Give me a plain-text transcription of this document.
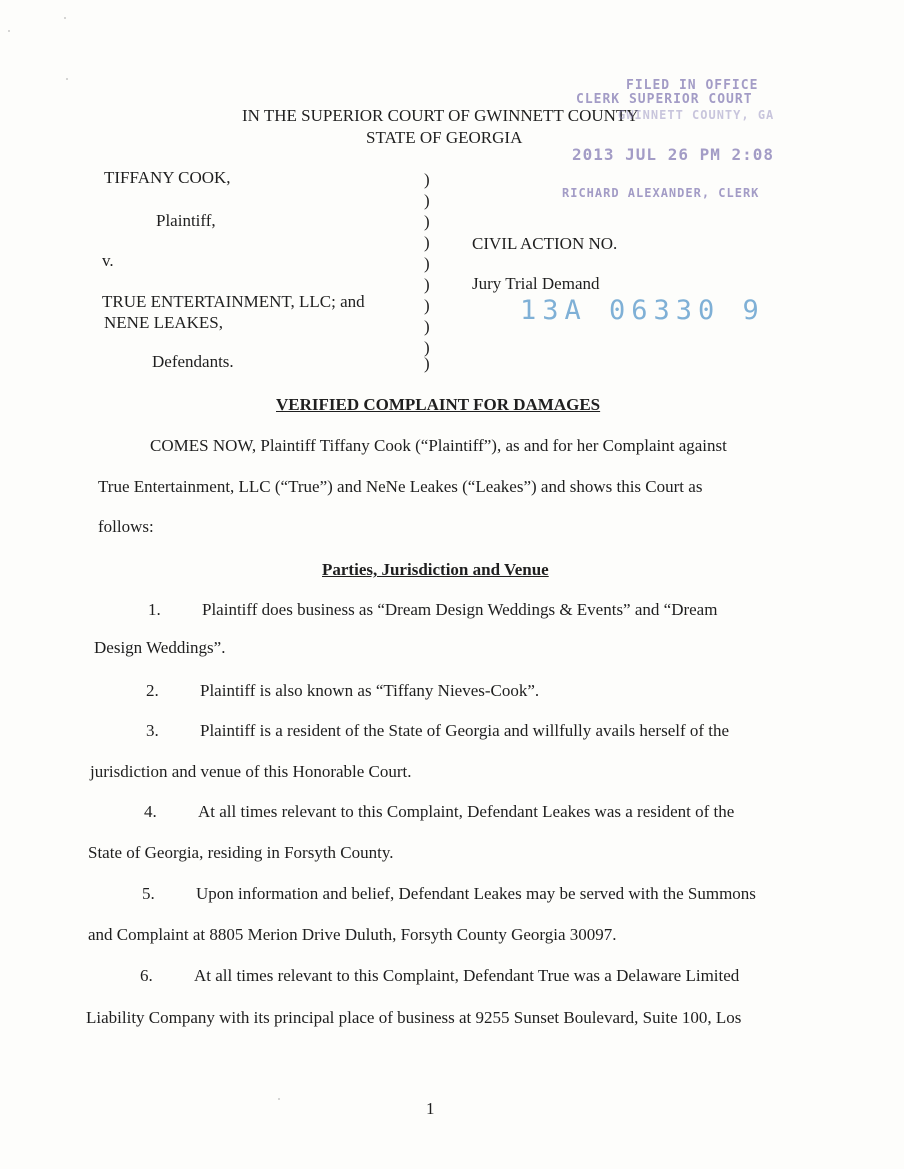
IN THE SUPERIOR COURT OF GWINNETT COUNTY
STATE OF GEORGIA
FILED IN OFFICE
CLERK SUPERIOR COURT
GWINNETT COUNTY, GA
2013 JUL 26 PM 2:08
RICHARD ALEXANDER, CLERK
TIFFANY COOK,
Plaintiff,
v.
TRUE ENTERTAINMENT, LLC; and
NENE LEAKES,
Defendants.
)
)
)
)
)
)
)
)
)
)
CIVIL ACTION NO.
Jury Trial Demand
13A 06330 9
VERIFIED COMPLAINT FOR DAMAGES
COMES NOW, Plaintiff Tiffany Cook (“Plaintiff”), as and for her Complaint against
True Entertainment, LLC (“True”) and NeNe Leakes (“Leakes”) and shows this Court as
follows:
Parties, Jurisdiction and Venue
1. Plaintiff does business as “Dream Design Weddings & Events” and “Dream
Design Weddings”.
2. Plaintiff is also known as “Tiffany Nieves-Cook”.
3. Plaintiff is a resident of the State of Georgia and willfully avails herself of the
jurisdiction and venue of this Honorable Court.
4. At all times relevant to this Complaint, Defendant Leakes was a resident of the
State of Georgia, residing in Forsyth County.
5. Upon information and belief, Defendant Leakes may be served with the Summons
and Complaint at 8805 Merion Drive Duluth, Forsyth County Georgia 30097.
6. At all times relevant to this Complaint, Defendant True was a Delaware Limited
Liability Company with its principal place of business at 9255 Sunset Boulevard, Suite 100, Los
1
